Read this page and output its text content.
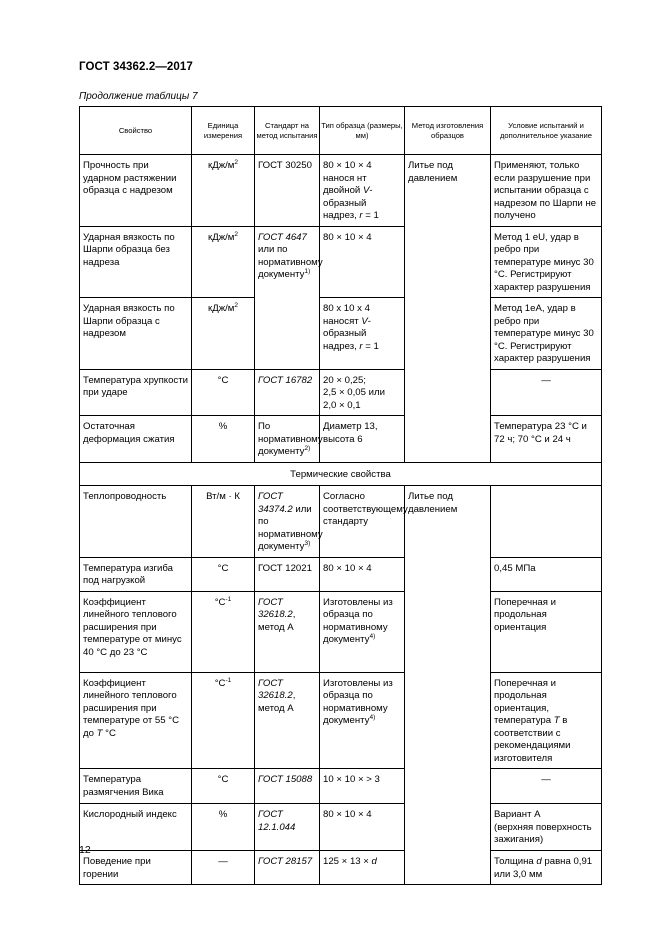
ГОСТ 34362.2—2017
Продолжение таблицы 7
Свойство	Единица измерения	Стандарт на метод испытания	Тип образца (размеры, мм)	Метод изготовления образцов	Условие испытаний и дополнительное указание

Прочность при ударном растяжении образца с надрезом	кДж/$м^2$	ГОСТ 30250	80 × 10 × 4 нанося нт двойной V-образный надрез, r = 1	Литье под давлением	Применяют, только если разрушение при испытании образца с надрезом по Шарпи не получено

Ударная вязкость по Шарпи образца без надреза	кДж/$м^2$	ГОСТ 4647 или по нормативному документу$^{1)}$	80 × 10 × 4		Метод 1 eU, удар в ребро при температуре минус 30 °С. Регистрируют характер разрушения

Ударная вязкость по Шарпи образца с надрезом	кДж/$м^2$		80 х 10 х 4 наносят V-образный надрез, r = 1		Метод 1eA, удар в ребро при температуре минус 30 °С. Регистрируют характер разрушения

Температура хрупкости при ударе	°С	ГОСТ 16782	20 × 0,25;
2,5 × 0,05 или
2,0 × 0,1		—

Остаточная деформация сжатия	%	По нормативному документу$^{2)}$	Диаметр 13, высота 6		Температура 23 °С и 72 ч; 70 °С и 24 ч

Термические свойства					

Теплопроводность	Вт/м · К	ГОСТ 34374.2 или по нормативному документу$^{3)}$	Согласно соответствующему стандарту	Литье под давлением	

Температура изгиба под нагрузкой	°С	ГОСТ 12021	80 × 10 × 4		0,45 МПа

Коэффициент линейного теплового расширения при температуре от минус 40 °С до 23 °С	$^\circ С^{-1}$	ГОСТ 32618.2, метод А	Изготовлены из образца по нормативному документу$^{4)}$		Поперечная и продольная ориентация

Коэффициент линейного теплового расширения при температуре от 55 °С до T °С	$^\circ С^{-1}$	ГОСТ 32618.2, метод А	Изготовлены из образца по нормативному документу$^{4)}$		Поперечная и продольная ориентация, температура T в соответствии с рекомендациями изготовителя

Температура размягчения Вика	°С	ГОСТ 15088	10 × 10 × > 3		—

Кислородный индекс	%	ГОСТ 12.1.044	80 × 10 × 4		Вариант А
(верхняя поверхность зажигания)

Поведение при горении	—	ГОСТ 28157	125 × 13 × d		Толщина d равна 0,91 или 3,0 мм
12
